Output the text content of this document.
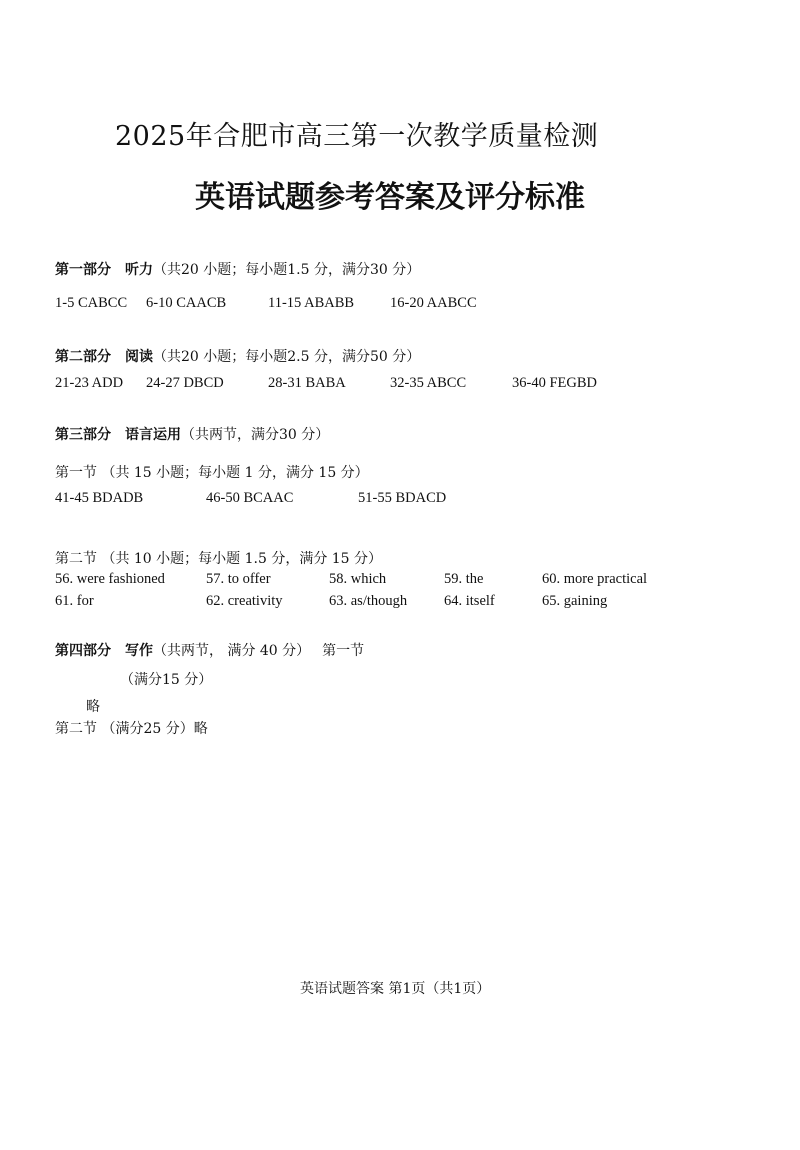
2025年合肥市高三第一次教学质量检测
英语试题参考答案及评分标准
第一部分 听力（共20 小题；每小题1.5 分，满分30 分）
1-5 CABCC 6-10 CAACB	11-15 ABABB 16-20 AABCC
第二部分 阅读（共20 小题；每小题2.5 分，满分50 分）
21-23 ADD 24-27 DBCD	28-31 BABA	32-35 ABCC	36-40 FEGBD
第三部分 语言运用（共两节，满分30 分）
第一节 （共 15 小题；每小题 1 分，满分 15 分）
41-45 BDADB	46-50 BCAAC	51-55 BDACD
第二节 （共 10 小题；每小题 1.5 分，满分 15 分）
56. were fashioned	57. to offer	58. which	59. the	60. more practical
61. for	62. creativity	63. as/though	64. itself	65. gaining
第四部分 写作（共两节， 满分 40 分） 第一节
（满分15 分）
略
第二节 （满分25 分）略
英语试题答案 第1页（共1页）
